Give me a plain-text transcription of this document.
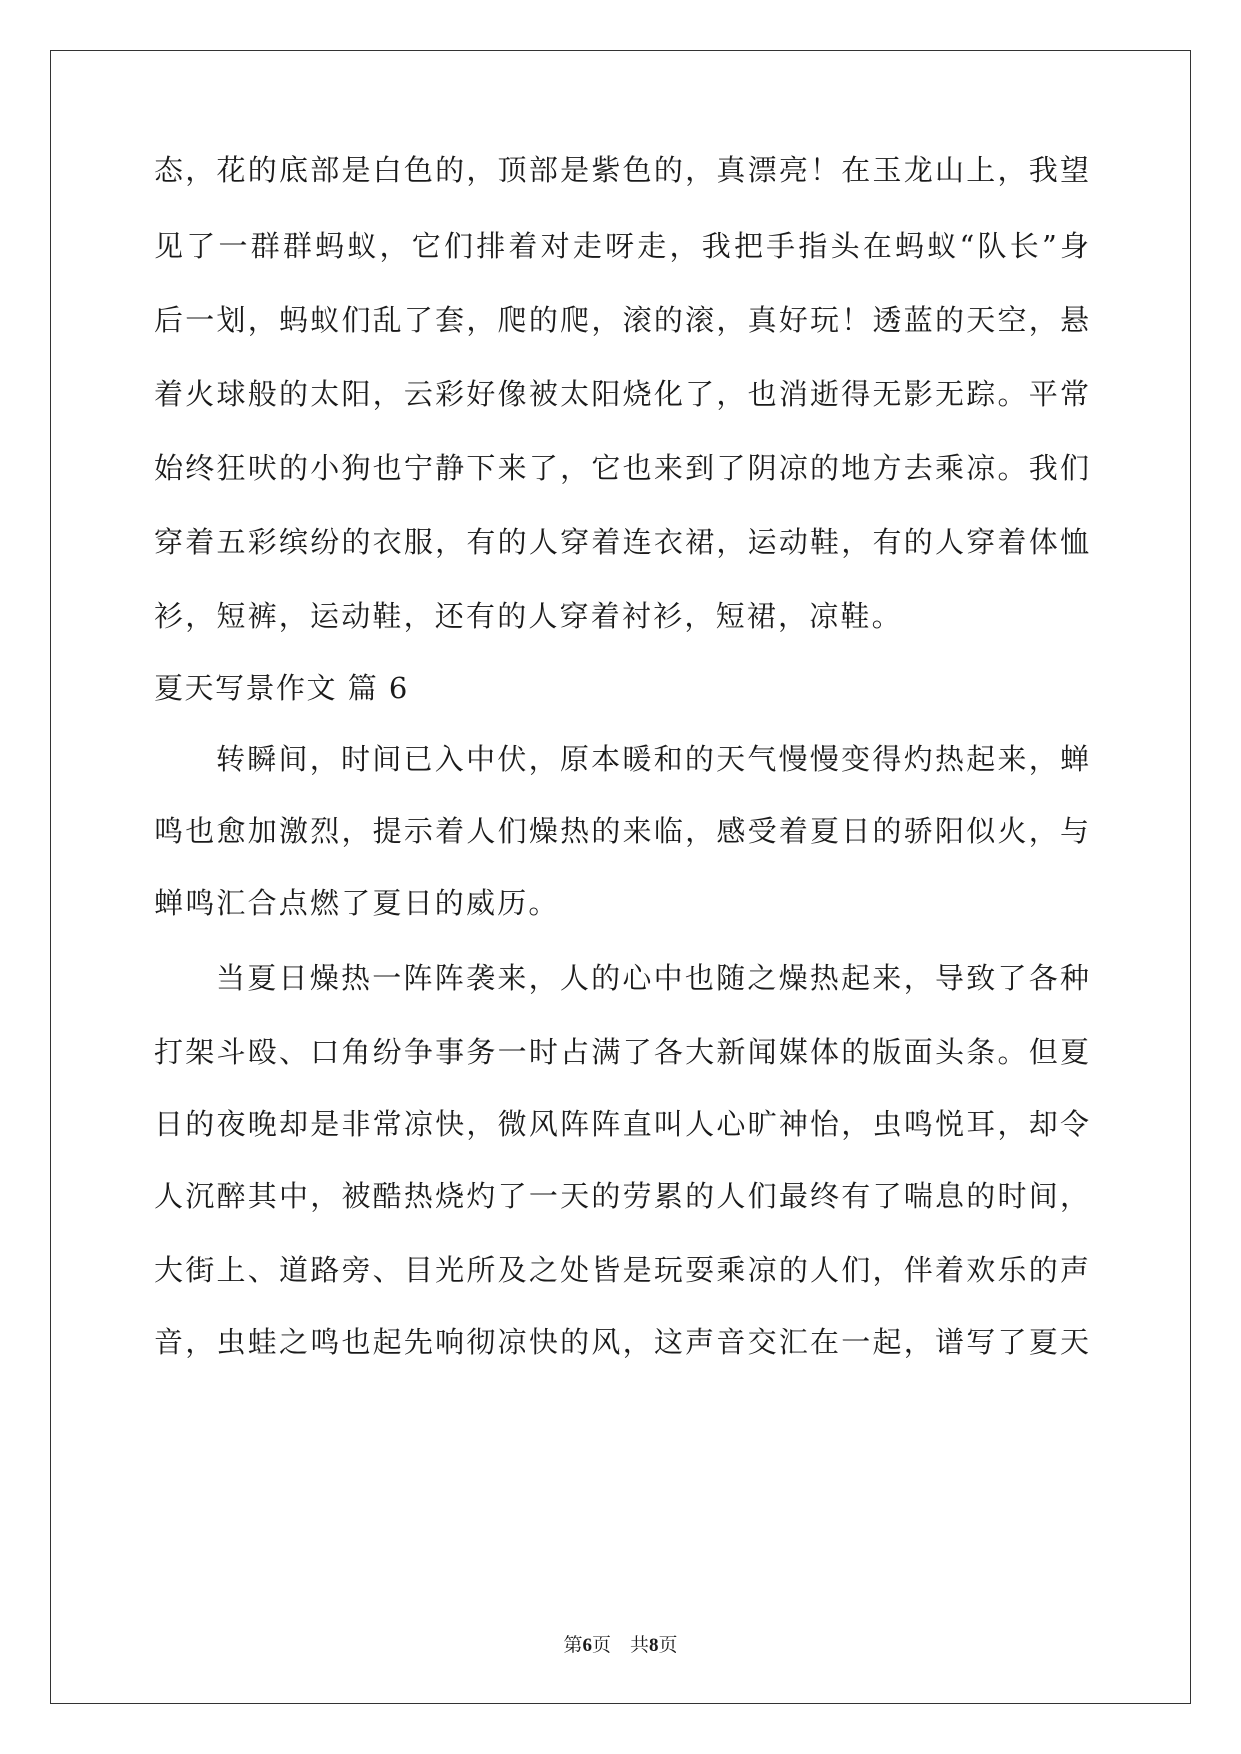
态，花的底部是白色的，顶部是紫色的，真漂亮！在玉龙山上，我望
见了一群群蚂蚁，它们排着对走呀走，我把手指头在蚂蚁“队长”身
后一划，蚂蚁们乱了套，爬的爬，滚的滚，真好玩！透蓝的天空，悬
着火球般的太阳，云彩好像被太阳烧化了，也消逝得无影无踪。平常
始终狂吠的小狗也宁静下来了，它也来到了阴凉的地方去乘凉。我们
穿着五彩缤纷的衣服，有的人穿着连衣裙，运动鞋，有的人穿着体恤
衫，短裤，运动鞋，还有的人穿着衬衫，短裙，凉鞋。
夏天写景作文 篇 6
转瞬间，时间已入中伏，原本暖和的天气慢慢变得灼热起来，蝉
鸣也愈加激烈，提示着人们燥热的来临，感受着夏日的骄阳似火，与
蝉鸣汇合点燃了夏日的威历。
当夏日燥热一阵阵袭来，人的心中也随之燥热起来，导致了各种
打架斗殴、口角纷争事务一时占满了各大新闻媒体的版面头条。但夏
日的夜晚却是非常凉快，微风阵阵直叫人心旷神怡，虫鸣悦耳，却令
人沉醉其中，被酷热烧灼了一天的劳累的人们最终有了喘息的时间，
大街上、道路旁、目光所及之处皆是玩耍乘凉的人们，伴着欢乐的声
音，虫蛙之鸣也起先响彻凉快的风，这声音交汇在一起，谱写了夏天
第6页    共8页
